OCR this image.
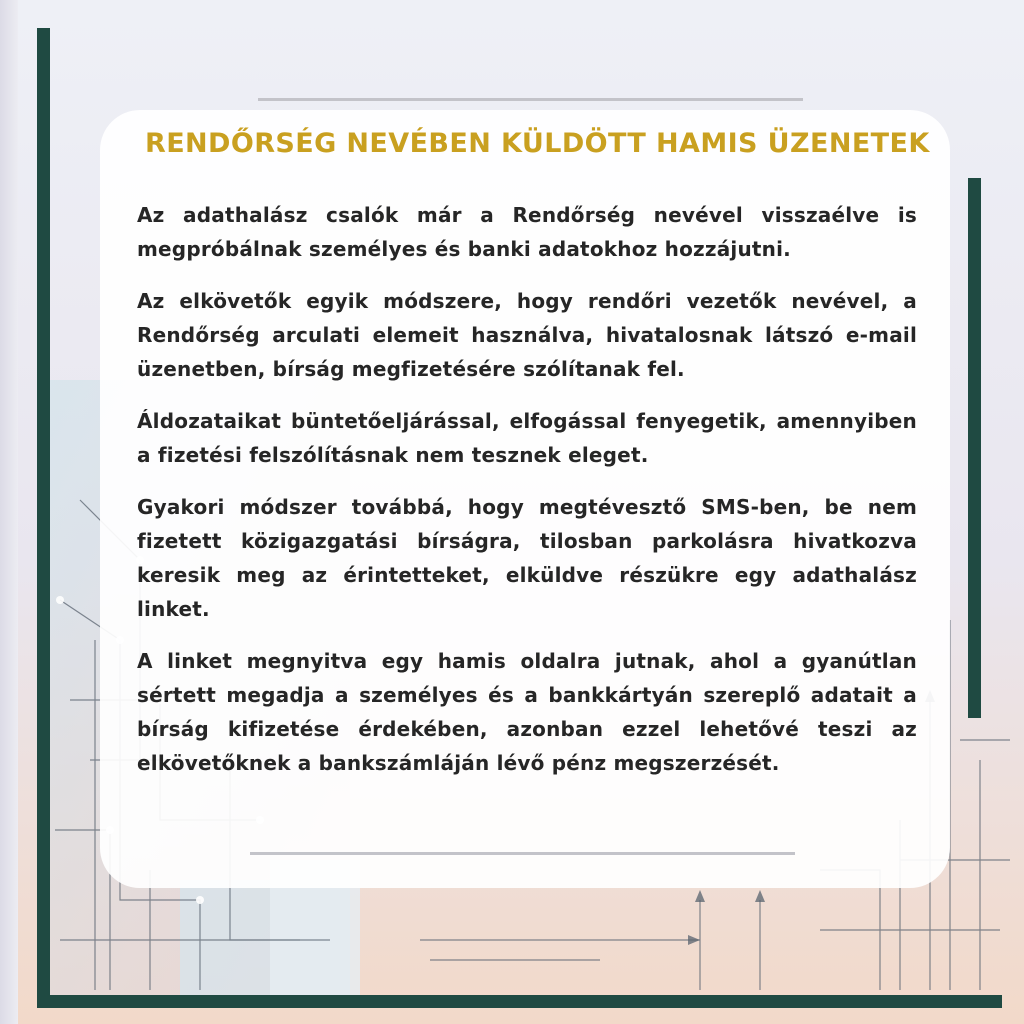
RENDŐRSÉG NEVÉBEN KÜLDÖTT HAMIS ÜZENETEK

Az adathalász csalók már a Rendőrség nevével visszaélve is megpróbálnak személyes és banki adatokhoz hozzájutni.

Az elkövetők egyik módszere, hogy rendőri vezetők nevével, a Rendőrség arculati elemeit használva, hivatalosnak látszó e-mail üzenetben, bírság megfizetésére szólítanak fel.

Áldozataikat büntetőeljárással, elfogással fenyegetik, amennyiben a fizetési felszólításnak nem tesznek eleget.

Gyakori módszer továbbá, hogy megtévesztő SMS-ben, be nem fizetett közigazgatási bírságra, tilosban parkolásra hivatkozva keresik meg az érintetteket, elküldve részükre egy adathalász linket.

A linket megnyitva egy hamis oldalra jutnak, ahol a gyanútlan sértett megadja a személyes és a bankkártyán szereplő adatait a bírság kifizetése érdekében, azonban ezzel lehetővé teszi az elkövetőknek a bankszámláján lévő pénz megszerzését.
